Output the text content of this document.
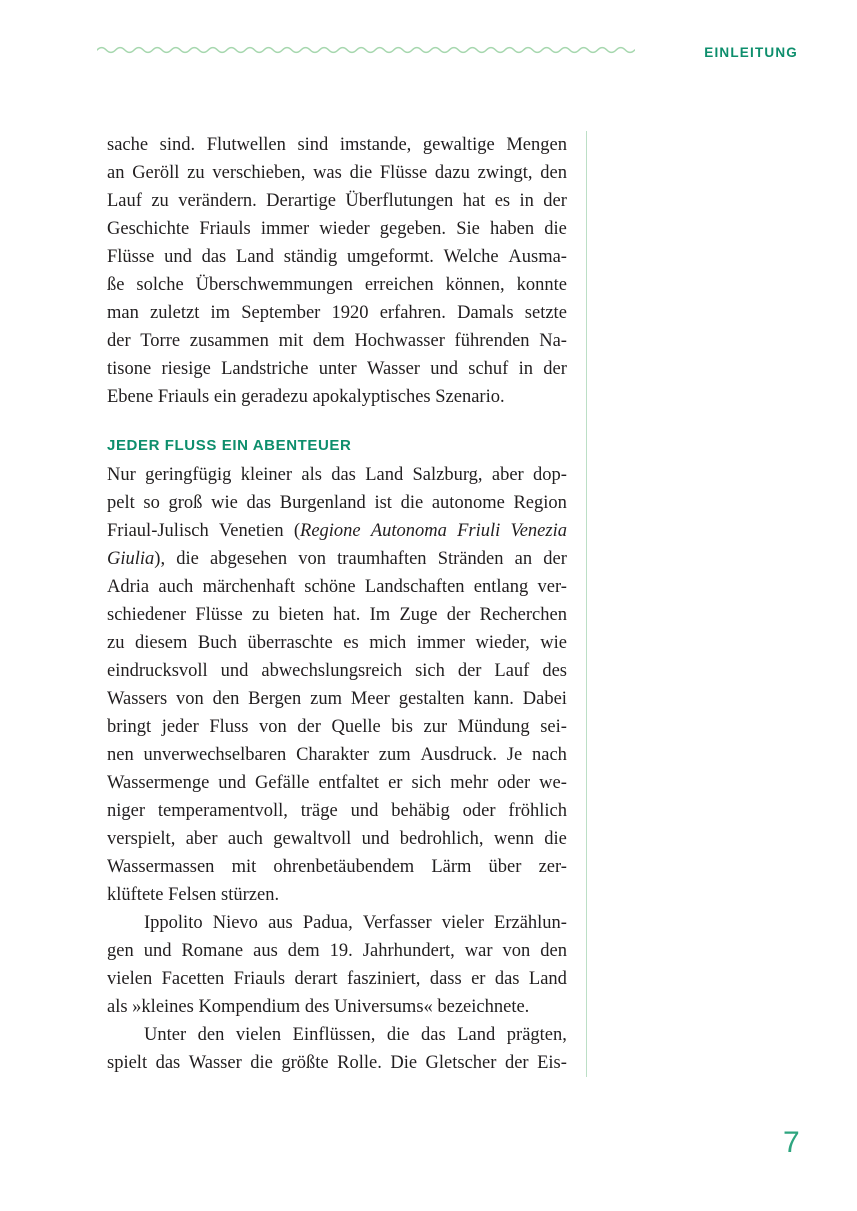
EINLEITUNG
sache sind. Flutwellen sind imstande, gewaltige Mengen
an Geröll zu verschieben, was die Flüsse dazu zwingt, den
Lauf zu verändern. Derartige Überflutungen hat es in der
Geschichte Friauls immer wieder gegeben. Sie haben die
Flüsse und das Land ständig umgeformt. Welche Ausma-
ße solche Überschwemmungen erreichen können, konnte
man zuletzt im September 1920 erfahren. Damals setzte
der Torre zusammen mit dem Hochwasser führenden Na-
tisone riesige Landstriche unter Wasser und schuf in der
Ebene Friauls ein geradezu apokalyptisches Szenario.
JEDER FLUSS EIN ABENTEUER
Nur geringfügig kleiner als das Land Salzburg, aber dop-
pelt so groß wie das Burgenland ist die autonome Region
Friaul-Julisch Venetien (Regione Autonoma Friuli Venezia
Giulia), die abgesehen von traumhaften Stränden an der
Adria auch märchenhaft schöne Landschaften entlang ver-
schiedener Flüsse zu bieten hat. Im Zuge der Recherchen
zu diesem Buch überraschte es mich immer wieder, wie
eindrucksvoll und abwechslungsreich sich der Lauf des
Wassers von den Bergen zum Meer gestalten kann. Dabei
bringt jeder Fluss von der Quelle bis zur Mündung sei-
nen unverwechselbaren Charakter zum Ausdruck. Je nach
Wassermenge und Gefälle entfaltet er sich mehr oder we-
niger temperamentvoll, träge und behäbig oder fröhlich
verspielt, aber auch gewaltvoll und bedrohlich, wenn die
Wassermassen mit ohrenbetäubendem Lärm über zer-
klüftete Felsen stürzen.
Ippolito Nievo aus Padua, Verfasser vieler Erzählun-
gen und Romane aus dem 19. Jahrhundert, war von den
vielen Facetten Friauls derart fasziniert, dass er das Land
als »kleines Kompendium des Universums« bezeichnete.
Unter den vielen Einflüssen, die das Land prägten,
spielt das Wasser die größte Rolle. Die Gletscher der Eis-
7
